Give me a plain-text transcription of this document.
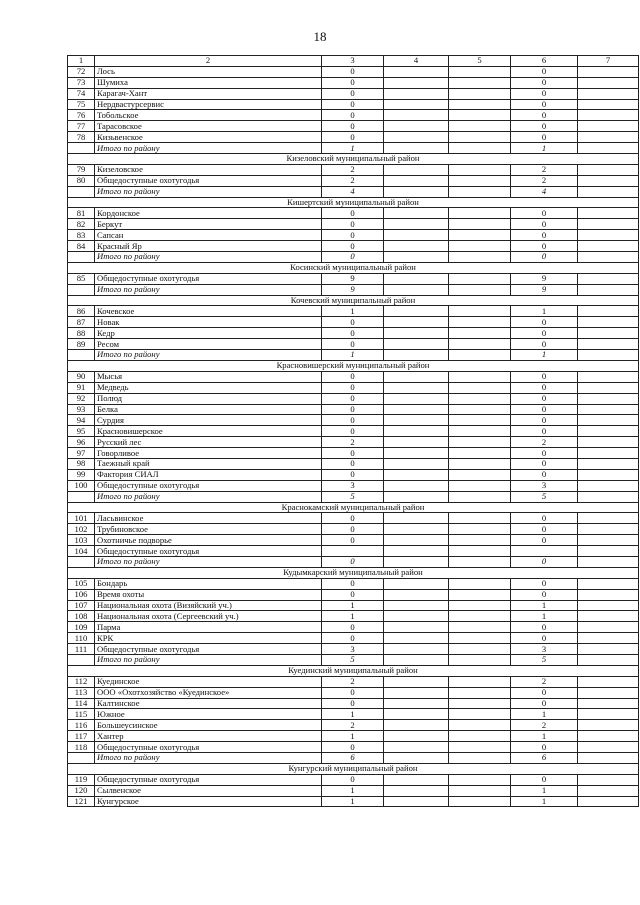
18
1	2	3	4	5	6	7
72	Лось	0			0	
73	Шумиха	0			0	
74	Карагач-Хант	0			0	
75	Нердвастурсервис	0			0	
76	Тобольское	0			0	
77	Тарасовское	0			0	
78	Кизьвенское	0			0	
	Итого по району	1			1	
Кизеловский муниципальный район						
79	Кизеловское	2			2	
80	Общедоступные охотугодья	2			2	
	Итого по району	4			4	
Кишертский муниципальный район						
81	Кордонское	0			0	
82	Беркут	0			0	
83	Сапсан	0			0	
84	Красный Яр	0			0	
	Итого по району	0			0	
Косинский муниципальный район						
85	Общедоступные охотугодья	9			9	
	Итого по району	9			9	
Кочевский муниципальный район						
86	Кочевское	1			1	
87	Новак	0			0	
88	Кедр	0			0	
89	Ресом	0			0	
	Итого по району	1			1	
Красновишерский муниципальный район						
90	Мысья	0			0	
91	Медведь	0			0	
92	Полюд	0			0	
93	Белка	0			0	
94	Сурдия	0			0	
95	Красновишерское	0			0	
96	Русский лес	2			2	
97	Говорливое	0			0	
98	Таежный край	0			0	
99	Фактория СИАЛ	0			0	
100	Общедоступные охотугодья	3			3	
	Итого по району	5			5	
Краснокамский муниципальный район						
101	Ласьвинское	0			0	
102	Трубиновское	0			0	
103	Охотничье подворье	0			0	
104	Общедоступные охотугодья					
	Итого по району	0			0	
Кудымкарский муниципальный район						
105	Бондарь	0			0	
106	Время охоты	0			0	
107	Национальная охота (Визяйский уч.)	1			1	
108	Национальная охота (Сергеевский уч.)	1			1	
109	Парма	0			0	
110	КРК	0			0	
111	Общедоступные охотугодья	3			3	
	Итого по району	5			5	
Куединский муниципальный район						
112	Куединское	2			2	
113	ООО «Охотхозяйство «Куединское»	0			0	
114	Калтинское	0			0	
115	Южное	1			1	
116	Большеусинское	2			2	
117	Хантер	1			1	
118	Общедоступные охотугодья	0			0	
	Итого по району	6			6	
Кунгурский муниципальный район						
119	Общедоступные охотугодья	0			0	
120	Сылвенское	1			1	
121	Кунгурское	1			1	
